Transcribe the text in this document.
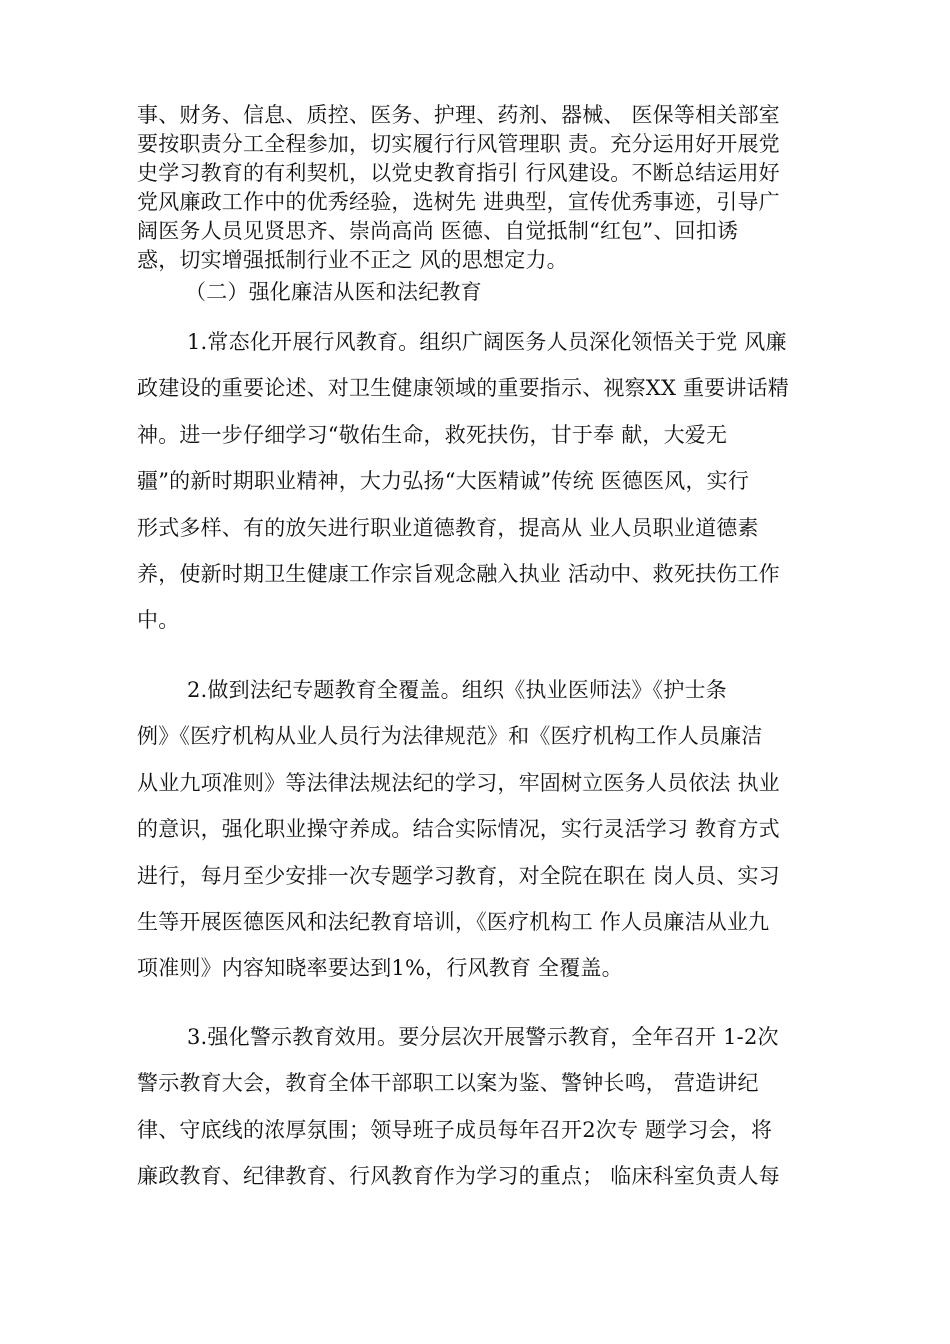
事、财务、信息、质控、医务、护理、药剂、器械、 医保等相关部室
要按职责分工全程参加，切实履行行风管理职 责。充分运用好开展党
史学习教育的有利契机，以党史教育指引 行风建设。不断总结运用好
党风廉政工作中的优秀经验，选树先 进典型，宣传优秀事迹，引导广
阔医务人员见贤思齐、崇尚高尚 医德、自觉抵制“红包”、回扣诱
惑，切实增强抵制行业不正之 风的思想定力。
（二）强化廉洁从医和法纪教育
1.常态化开展行风教育。组织广阔医务人员深化领悟关于党 风廉
政建设的重要论述、对卫生健康领域的重要指示、视察XX 重要讲话精
神。进一步仔细学习“敬佑生命，救死扶伤，甘于奉 献，大爱无
疆”的新时期职业精神，大力弘扬“大医精诚”传统 医德医风，实行
形式多样、有的放矢进行职业道德教育，提高从 业人员职业道德素
养，使新时期卫生健康工作宗旨观念融入执业 活动中、救死扶伤工作
中。
2.做到法纪专题教育全覆盖。组织《执业医师法》《护士条
例》《医疗机构从业人员行为法律规范》和《医疗机构工作人员廉洁
从业九项准则》等法律法规法纪的学习，牢固树立医务人员依法 执业
的意识，强化职业操守养成。结合实际情况，实行灵活学习 教育方式
进行，每月至少安排一次专题学习教育，对全院在职在 岗人员、实习
生等开展医德医风和法纪教育培训，《医疗机构工 作人员廉洁从业九
项准则》内容知晓率要达到1%，行风教育 全覆盖。
3.强化警示教育效用。要分层次开展警示教育，全年召开 1-2次
警示教育大会，教育全体干部职工以案为鉴、警钟长鸣， 营造讲纪
律、守底线的浓厚氛围；领导班子成员每年召开2次专 题学习会，将
廉政教育、纪律教育、行风教育作为学习的重点； 临床科室负责人每
